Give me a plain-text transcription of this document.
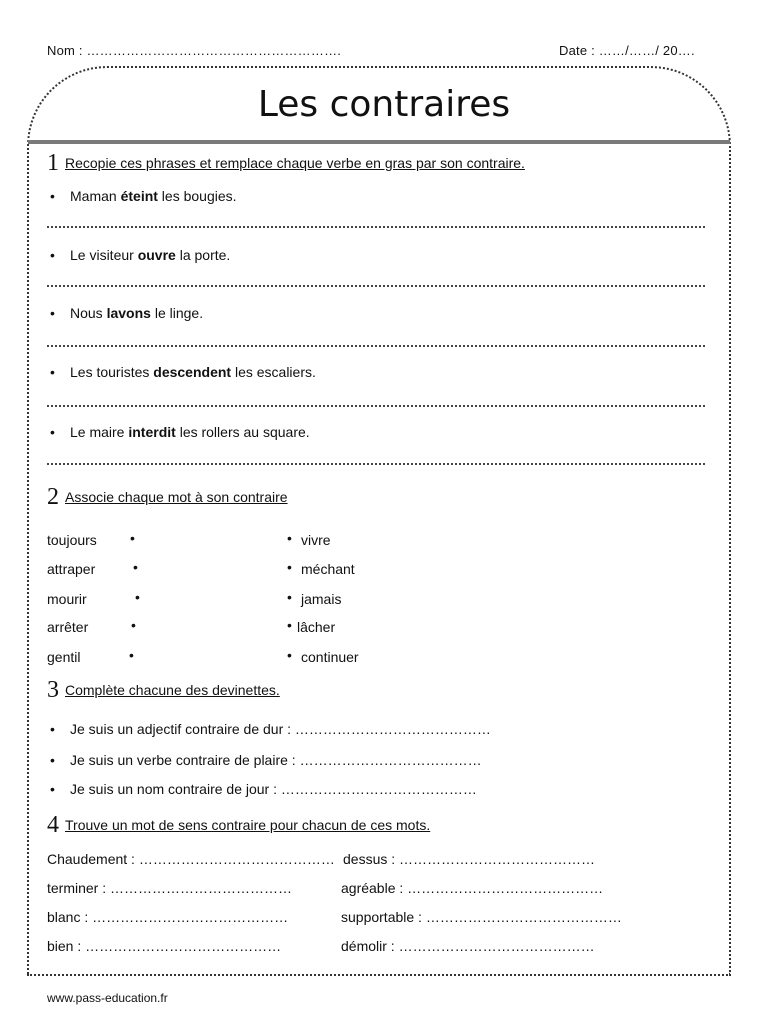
Nom : ………………………………………………….	Date : ……/……/ 20….
Les contraires
1 Recopie ces phrases et remplace chaque verbe en gras par son contraire.
• Maman éteint les bougies.
• Le visiteur ouvre la porte.
• Nous lavons le linge.
• Les touristes descendent les escaliers.
• Le maire interdit les rollers au square.
2 Associe chaque mot à son contraire
toujours •	• vivre
attraper	•	• méchant
mourir	•	• jamais
arrêter	•	• lâcher
gentil	•	• continuer
3 Complète chacune des devinettes.
• Je suis un adjectif contraire de dur : ……………………………………
• Je suis un verbe contraire de plaire : …………………………………
• Je suis un nom contraire de jour : ……………………………………
4 Trouve un mot de sens contraire pour chacun de ces mots.
Chaudement : …………………………………… dessus : ……………………………………
terminer : …………………………………	agréable : ……………………………………
blanc : ……………………………………	supportable : ……………………………………
bien : ……………………………………	démolir : ……………………………………
www.pass-education.fr
